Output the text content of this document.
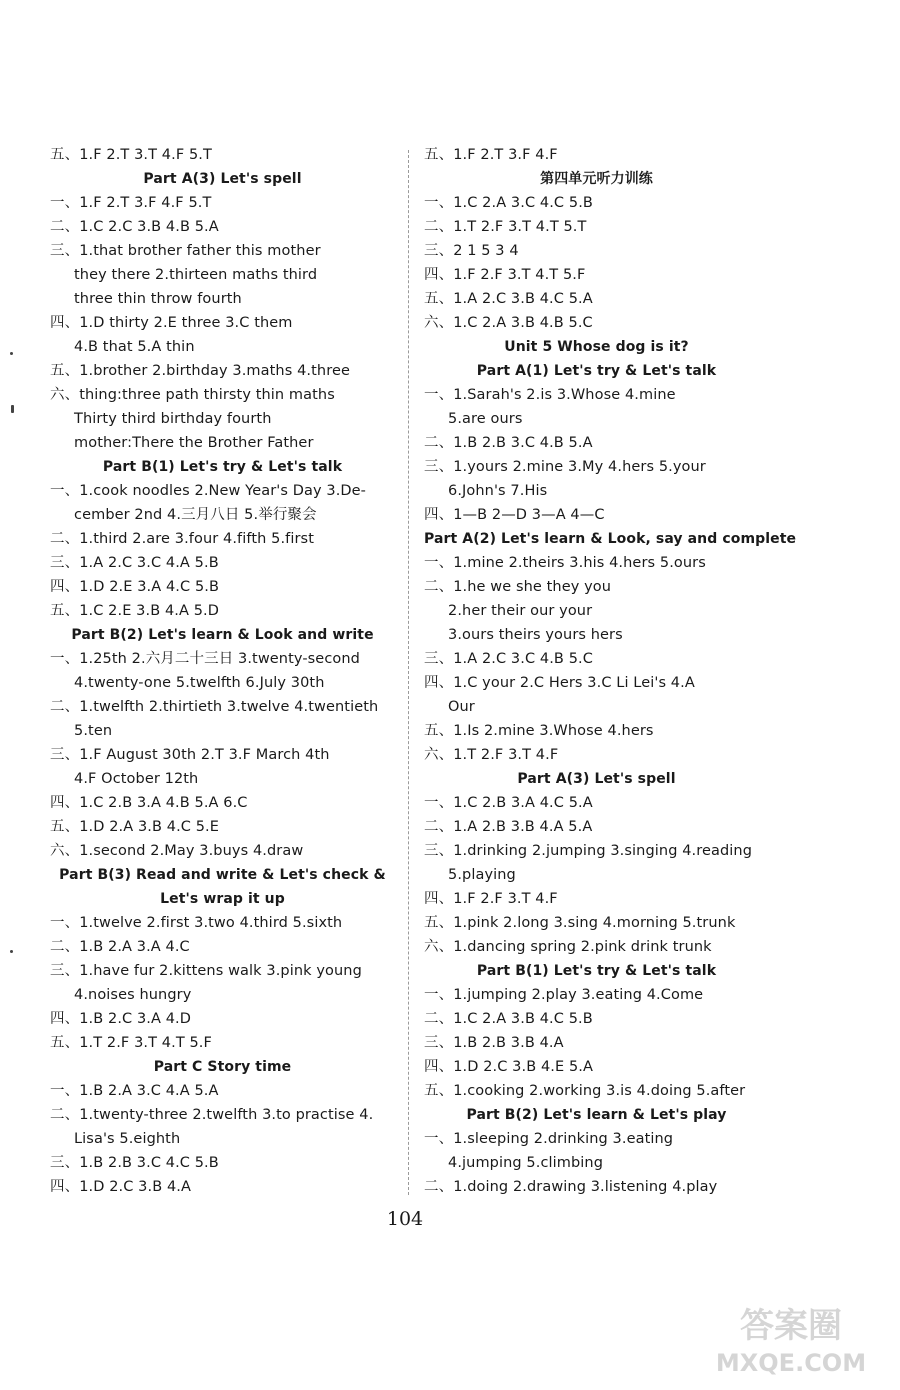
五、1.F 2.T 3.T 4.F 5.T
Part A(3) Let's spell
一、1.F 2.T 3.F 4.F 5.T
二、1.C 2.C 3.B 4.B 5.A
三、1.that brother father this mother
they there 2.thirteen maths third
three thin throw fourth
四、1.D thirty 2.E three 3.C them
4.B that 5.A thin
五、1.brother 2.birthday 3.maths 4.three
六、thing:three path thirsty thin maths
Thirty third birthday fourth
mother:There the Brother Father
Part B(1) Let's try & Let's talk
一、1.cook noodles 2.New Year's Day 3.De-
cember 2nd 4.三月八日 5.举行聚会
二、1.third 2.are 3.four 4.fifth 5.first
三、1.A 2.C 3.C 4.A 5.B
四、1.D 2.E 3.A 4.C 5.B
五、1.C 2.E 3.B 4.A 5.D
Part B(2) Let's learn & Look and write
一、1.25th 2.六月二十三日 3.twenty-second
4.twenty-one 5.twelfth 6.July 30th
二、1.twelfth 2.thirtieth 3.twelve 4.twentieth
5.ten
三、1.F August 30th 2.T 3.F March 4th
4.F October 12th
四、1.C 2.B 3.A 4.B 5.A 6.C
五、1.D 2.A 3.B 4.C 5.E
六、1.second 2.May 3.buys 4.draw
Part B(3) Read and write & Let's check &
Let's wrap it up
一、1.twelve 2.first 3.two 4.third 5.sixth
二、1.B 2.A 3.A 4.C
三、1.have fur 2.kittens walk 3.pink young
4.noises hungry
四、1.B 2.C 3.A 4.D
五、1.T 2.F 3.T 4.T 5.F
Part C Story time
一、1.B 2.A 3.C 4.A 5.A
二、1.twenty-three 2.twelfth 3.to practise 4.
Lisa's 5.eighth
三、1.B 2.B 3.C 4.C 5.B
四、1.D 2.C 3.B 4.A
五、1.F 2.T 3.F 4.F
第四单元听力训练
一、1.C 2.A 3.C 4.C 5.B
二、1.T 2.F 3.T 4.T 5.T
三、2 1 5 3 4
四、1.F 2.F 3.T 4.T 5.F
五、1.A 2.C 3.B 4.C 5.A
六、1.C 2.A 3.B 4.B 5.C
Unit 5 Whose dog is it?
Part A(1) Let's try & Let's talk
一、1.Sarah's 2.is 3.Whose 4.mine
5.are ours
二、1.B 2.B 3.C 4.B 5.A
三、1.yours 2.mine 3.My 4.hers 5.your
6.John's 7.His
四、1—B 2—D 3—A 4—C
Part A(2) Let's learn & Look, say and complete
一、1.mine 2.theirs 3.his 4.hers 5.ours
二、1.he we she they you
2.her their our your
3.ours theirs yours hers
三、1.A 2.C 3.C 4.B 5.C
四、1.C your 2.C Hers 3.C Li Lei's 4.A
Our
五、1.Is 2.mine 3.Whose 4.hers
六、1.T 2.F 3.T 4.F
Part A(3) Let's spell
一、1.C 2.B 3.A 4.C 5.A
二、1.A 2.B 3.B 4.A 5.A
三、1.drinking 2.jumping 3.singing 4.reading
5.playing
四、1.F 2.F 3.T 4.F
五、1.pink 2.long 3.sing 4.morning 5.trunk
六、1.dancing spring 2.pink drink trunk
Part B(1) Let's try & Let's talk
一、1.jumping 2.play 3.eating 4.Come
二、1.C 2.A 3.B 4.C 5.B
三、1.B 2.B 3.B 4.A
四、1.D 2.C 3.B 4.E 5.A
五、1.cooking 2.working 3.is 4.doing 5.after
Part B(2) Let's learn & Let's play
一、1.sleeping 2.drinking 3.eating
4.jumping 5.climbing
二、1.doing 2.drawing 3.listening 4.play
104
答案圈
MXQE.COM
